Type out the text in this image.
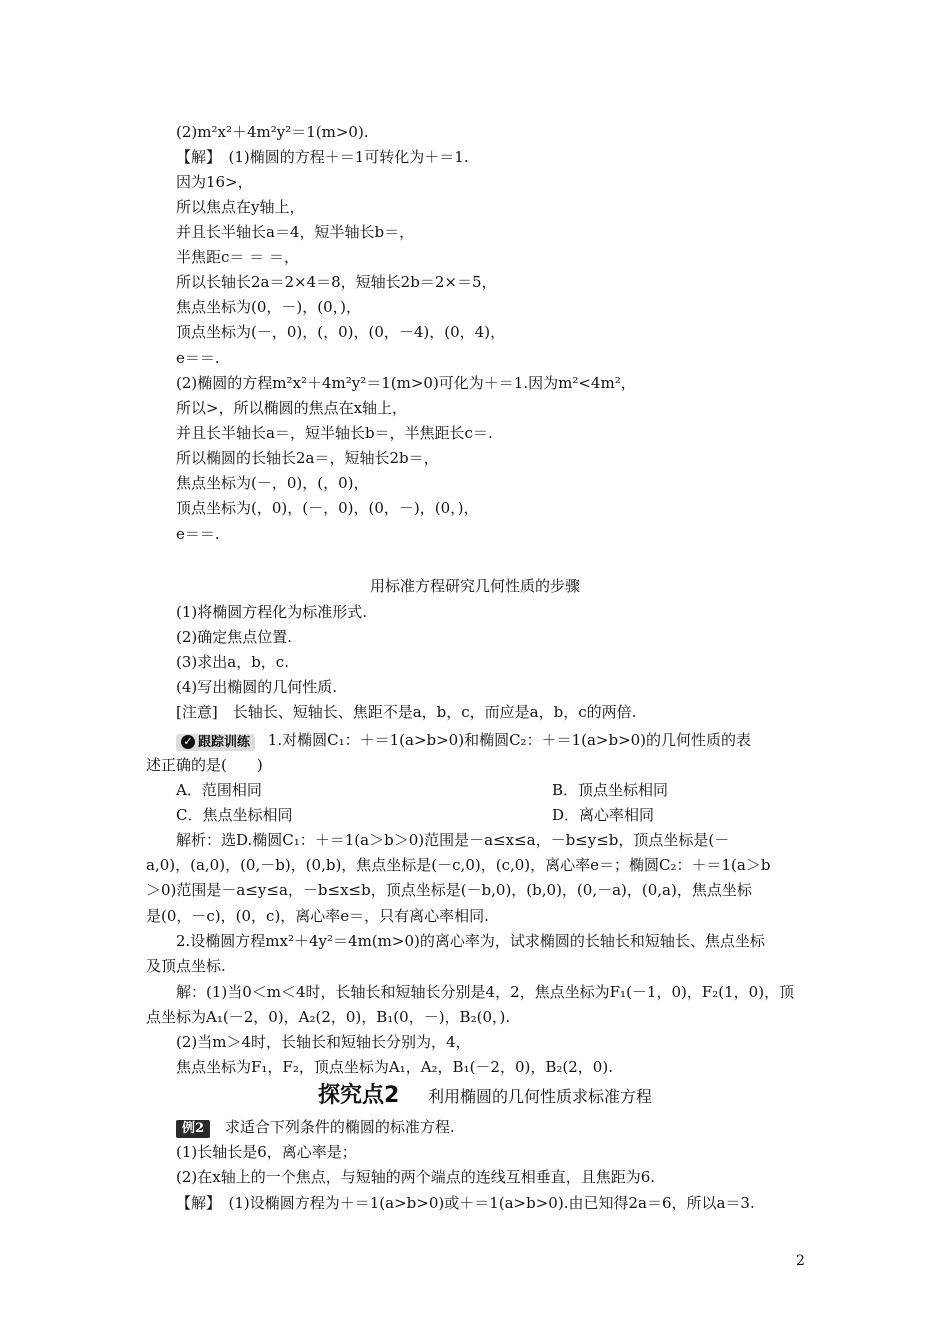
(2)m²x²＋4m²y²＝1(m>0).
【解】　(1)椭圆的方程＋＝1可转化为＋＝1.
因为16>，
所以焦点在y轴上，
并且长半轴长a＝4，短半轴长b＝，
半焦距c＝ ＝ ＝，
所以长轴长2a＝2×4＝8，短轴长2b＝2×＝5，
焦点坐标为(0，－)，(0，)，
顶点坐标为(－，0)，(，0)，(0，－4)，(0，4)，
e＝＝.
(2)椭圆的方程m²x²＋4m²y²＝1(m>0)可化为＋＝1.因为m²<4m²，
所以>，所以椭圆的焦点在x轴上，
并且长半轴长a＝，短半轴长b＝，半焦距长c＝.
所以椭圆的长轴长2a＝，短轴长2b＝，
焦点坐标为(－，0)，(，0)，
顶点坐标为(，0)，(－，0)，(0，－)，(0，)，
e＝＝.
用标准方程研究几何性质的步骤
(1)将椭圆方程化为标准形式.
(2)确定焦点位置.
(3)求出a，b，c.
(4)写出椭圆的几何性质.
[注意]　长轴长、短轴长、焦距不是a，b，c，而应是a，b，c的两倍.
✓ 跟踪训练 1.对椭圆C₁：＋＝1(a>b>0)和椭圆C₂：＋＝1(a>b>0)的几何性质的表
述正确的是(　　)
A．范围相同	B．顶点坐标相同
C．焦点坐标相同	D．离心率相同
解析：选D.椭圆C₁：＋＝1(a＞b＞0)范围是－a≤x≤a，－b≤y≤b，顶点坐标是(－
a,0)，(a,0)，(0,－b)，(0,b)，焦点坐标是(－c,0)，(c,0)，离心率e＝；椭圆C₂：＋＝1(a＞b
＞0)范围是－a≤y≤a，－b≤x≤b，顶点坐标是(－b,0)，(b,0)，(0,－a)，(0,a)，焦点坐标
是(0，－c)，(0，c)，离心率e＝，只有离心率相同.
2.设椭圆方程mx²＋4y²＝4m(m>0)的离心率为，试求椭圆的长轴长和短轴长、焦点坐标
及顶点坐标.
解：(1)当0＜m＜4时，长轴长和短轴长分别是4，2，焦点坐标为F₁(－1，0)，F₂(1，0)，顶
点坐标为A₁(－2，0)，A₂(2，0)，B₁(0，－)，B₂(0，).
(2)当m＞4时，长轴长和短轴长分别为，4，
焦点坐标为F₁，F₂，顶点坐标为A₁，A₂，B₁(－2，0)，B₂(2，0).
探究点2 利用椭圆的几何性质求标准方程
例2 求适合下列条件的椭圆的标准方程.
(1)长轴长是6，离心率是；
(2)在x轴上的一个焦点，与短轴的两个端点的连线互相垂直，且焦距为6.
【解】　(1)设椭圆方程为＋＝1(a>b>0)或＋＝1(a>b>0).由已知得2a＝6，所以a＝3.
2
